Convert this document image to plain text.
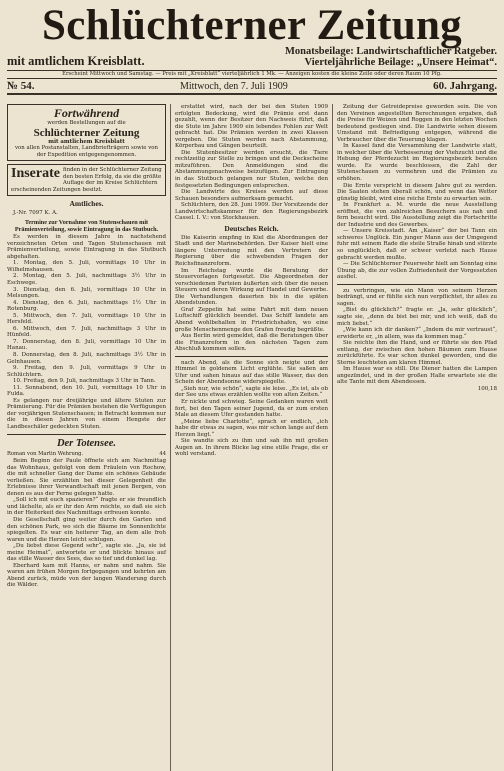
Schlüchterner Zeitung
mit amtlichem Kreisblatt.
Monatsbeilage: Landwirtschaftlicher Ratgeber.
Vierteljährliche Beilage: „Unsere Heimat“.
Erscheint Mittwoch und Samstag. — Preis mit „Kreisblatt“ vierteljährlich 1 Mk. — Anzeigen kosten die kleine Zeile oder deren Raum 10 Pfg.
№ 54.	Mittwoch, den 7. Juli 1909	60. Jahrgang.
Fortwährend
werden Bestellungen auf die
Schlüchterner Zeitung
mit amtlichem Kreisblatt
von allen Postanstalten, Landbriefträgern sowie von der Expedition entgegengenommen.
Inserate finden in der Schlüchterner Zeitung den besten Erfolg, da sie die größte Auflage der im Kreise Schlüchtern erscheinenden Zeitungen besitzt.
Amtliches.

J.-Nr. 7097 K. A.

Termine zur Vornahme von Stutenschauen mit Prämienverteilung, sowie Eintragung in das Stutbuch.

Es werden in diesem Jahre in nachstehend verzeichneten Orten und Tagen Stutenschauen mit Prämienverteilung, sowie Eintragung in das Stutbuch abgehalten.

1. Montag, den 5. Juli, vormittags 10 Uhr in Wilhelmshausen.

2. Montag, den 5. Juli, nachmittags 3½ Uhr in Eschwege.

3. Dienstag, den 6. Juli, vormittags 10 Uhr in Melsungen.

4. Dienstag, den 6. Juli, nachmittags 1½ Uhr in Rotenburg.

5. Mittwoch, den 7. Juli, vormittags 10 Uhr in Hersfeld.

6. Mittwoch, den 7. Juli, nachmittags 3 Uhr in Hünfeld.

7. Donnerstag, den 8. Juli, vormittags 10 Uhr in Hanau.

8. Donnerstag, den 8. Juli, nachmittags 3½ Uhr in Gelnhausen.

9. Freitag, den 9. Juli, vormittags 9 Uhr in Schlüchtern.

10. Freitag, den 9. Juli, nachmittags 3 Uhr in Tann.

11. Sonnabend, den 10. Juli, vormittags 10 Uhr in Fulda.

Es gelangen nur dreijährige und ältere Stuten zur Prämiierung. Für die Prämien bestehen die Verfügungen der vorjährigen Stutenschauen; in Betracht kommen nur die in diesen Jahren von einem Hengste der Landbeschäler gedeckten Stuten.

Der Totensee.
Roman von Martin Wehrung.	44

Beim Beginn der Paule öffnete sich am Nachmittag das Wohnhaus, gefolgt von dem Fräulein von Rochow, die mit schneller Gang der Dame ein schönes Gebäude verließen. Sie erzählten bei dieser Gelegenheit die Erlebnisse ihrer Verwandtschaft mit jenen Bergen, von denen es aus der Ferne gelegen hatte.

„Soll ich mit euch spazieren?“ fragte er sie freundlich und lächelte, als er ihr den Arm reichte, so daß sie sich in der Heiterkeit des Nachmittags erfreuen konnte.

Die Gesellschaft ging weiter durch den Garten und den schönen Park, wo sich die Bäume im Sonnenlichte spiegelten. Es war ein heiterer Tag, an dem alle froh waren und die Herzen leicht schlugen.

„Du liebst diese Gegend sehr“, sagte sie. „Ja, sie ist meine Heimat“, antwortete er und blickte hinaus auf das stille Wasser des Sees, das so tief und dunkel lag.

Eberhard kam mit Hanns, er nahm und nahm. Sie waren am frühen Morgen fortgegangen und kehrten am Abend zurück, müde von der langen Wanderung durch die Wälder.

erstattet wird, nach der bei den Stuten 1909 erfolgten Bedeckung, wird die Prämie erst dann gezahlt, wenn der Besitzer den Nachweis führt, daß die Stute im Jahre 1909 ein lebendes Fohlen zur Welt gebracht hat. Die Prämien werden in zwei Klassen vergeben. Die Stuten werden nach Abstammung, Körperbau und Gängen beurteilt.

Die Stutenbesitzer werden ersucht, die Tiere rechtzeitig zur Stelle zu bringen und die Deckscheine mitzuführen. Den Anmeldungen sind die Abstammungsnachweise beizufügen. Zur Eintragung in das Stutbuch gelangen nur Stuten, welche den festgesetzten Bedingungen entsprechen.

Die Landwirte des Kreises werden auf diese Schauen besonders aufmerksam gemacht.

Schlüchtern, den 28. Juni 1909. Der Vorsitzende der Landwirtschaftskammer für den Regierungsbezirk Cassel. I. V.: von Stockhausen.

Deutsches Reich.

Die Kaiserin empfing in Kiel die Abordnungen der Stadt und der Marinebehörden. Der Kaiser hielt eine längere Unterredung mit den Vertretern der Regierung über die schwebenden Fragen der Reichsfinanzreform.

Im Reichstag wurde die Beratung der Steuervorlagen fortgesetzt. Die Abgeordneten der verschiedenen Parteien äußerten sich über die neuen Steuern und deren Wirkung auf Handel und Gewerbe. Die Verhandlungen dauerten bis in die späten Abendstunden.

Graf Zeppelin hat seine Fahrt mit dem neuen Luftschiff glücklich beendet. Das Schiff landete am Abend wohlbehalten in Friedrichshafen, wo eine große Menschenmenge den Grafen freudig begrüßte.

Aus Berlin wird gemeldet, daß die Beratungen über die Finanzreform in den nächsten Tagen zum Abschluß kommen sollen.

nach Abend, als die Sonne sich neigte und der Himmel in goldenem Licht erglühte. Sie saßen am Ufer und sahen hinaus auf das stille Wasser, das den Schein der Abendsonne widerspiegelte.

„Sieh nur, wie schön“, sagte sie leise. „Es ist, als ob der See uns etwas erzählen wollte von alten Zeiten.“

Er nickte und schwieg. Seine Gedanken waren weit fort, bei den Tagen seiner Jugend, da er zum ersten Male an diesem Ufer gestanden hatte.

„Meine liebe Charlotte“, sprach er endlich, „ich habe dir etwas zu sagen, was mir schon lange auf dem Herzen liegt.“

Sie wandte sich zu ihm und sah ihn mit großen Augen an. In ihrem Blicke lag eine stille Frage, die er wohl verstand.

Zeitung der Getreidepreise geworden sein. Die von den Vereinen angestellten Berechnungen ergaben, daß die Preise für Weizen und Roggen in den letzten Wochen bedeutend gestiegen sind. Die Landwirte sehen diesem Umstand mit Befriedigung entgegen, während die Verbraucher über die Teuerung klagen.

In Kassel fand die Versammlung der Landwirte statt, in welcher über die Verbesserung der Viehzucht und die Hebung der Pferdezucht im Regierungsbezirk beraten wurde. Es wurde beschlossen, die Zahl der Stutenschauen zu vermehren und die Prämien zu erhöhen.

Die Ernte verspricht in diesem Jahre gut zu werden. Die Saaten stehen überall schön, und wenn das Wetter günstig bleibt, wird eine reiche Ernte zu erwarten sein.

In Frankfurt a. M. wurde die neue Ausstellung eröffnet, die von zahlreichen Besuchern aus nah und fern besucht wird. Die Ausstellung zeigt die Fortschritte der Industrie und des Gewerbes.

— Unsere Kreisstadt. Am „Kaiser“ der bei Tann ein schweres Unglück. Ein junger Mann aus der Umgegend fuhr mit seinem Rade die steile Straße hinab und stürzte so unglücklich, daß er schwer verletzt nach Hause gebracht werden mußte.

— Die Schlüchterner Feuerwehr hielt am Sonntag eine Übung ab, die zur vollen Zufriedenheit der Vorgesetzten ausfiel.

zu verbringen, wie ein Mann von seinem Herzen bedrängt, und er fühlte sich nun verpflichtet, ihr alles zu sagen.

„Bist du glücklich?“ fragte er. „Ja, sehr glücklich“, sagte sie, „denn du bist bei mir, und ich weiß, daß du mich liebst.“

„Wie kann ich dir danken?“ „Indem du mir vertraust“, erwiderte er, „in allem, was da kommen mag.“

Sie reichte ihm die Hand, und er führte sie den Pfad entlang, der zwischen den hohen Bäumen zum Hause zurückführte. Es war schon dunkel geworden, und die Sterne leuchteten am klaren Himmel.

Im Hause war es still. Die Diener hatten die Lampen angezündet, und in der großen Halle erwartete sie die alte Tante mit dem Abendessen.

100,18
